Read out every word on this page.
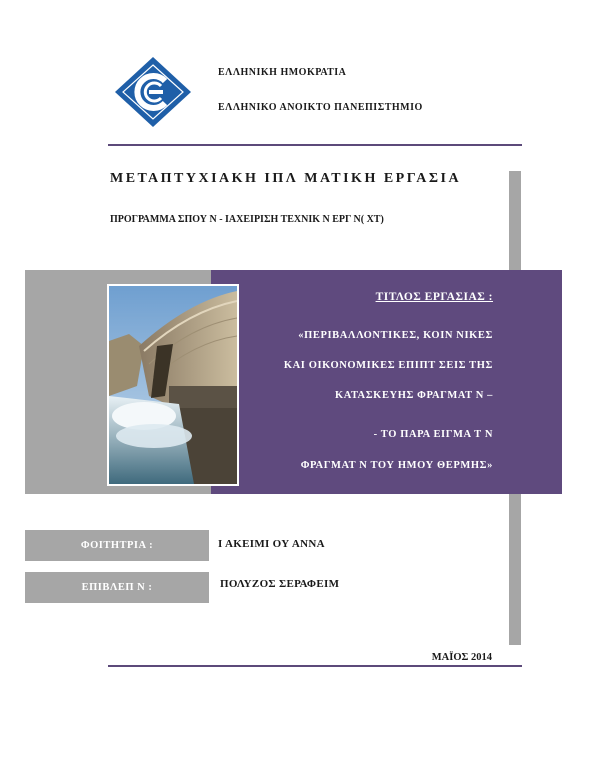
ΕΛΛΗΝΙΚΗ ΗΜΟΚΡΑΤΙΑ
ΕΛΛΗΝΙΚΟ ΑΝΟΙΚΤΟ ΠΑΝΕΠΙΣΤΗΜΙΟ
ΜΕΤΑΠΤΥΧΙΑΚΗ ΙΠΛ ΜΑΤΙΚΗ ΕΡΓΑΣΙΑ
ΠΡΟΓΡΑΜΜΑ ΣΠΟΥ Ν - ΙΑΧΕΙΡΙΣΗ ΤΕΧΝΙΚ Ν ΕΡΓ Ν( ΧΤ)
ΤΙΤΛΟΣ ΕΡΓΑΣΙΑΣ :
«ΠΕΡΙΒΑΛΛΟΝΤΙΚΕΣ, ΚΟΙΝ ΝΙΚΕΣ
ΚΑΙ ΟΙΚΟΝΟΜΙΚΕΣ ΕΠΙΠΤ ΣΕΙΣ ΤΗΣ
ΚΑΤΑΣΚΕΥΗΣ ΦΡΑΓΜΑΤ Ν –
- ΤΟ ΠΑΡΑ ΕΙΓΜΑ Τ Ν
ΦΡΑΓΜΑΤ Ν ΤΟΥ ΗΜΟΥ ΘΕΡΜΗΣ»
ΦΟΙΤΗΤΡΙΑ :	Ι ΑΚΕΙΜΙ ΟΥ ΑΝΝΑ
ΕΠΙΒΛΕΠ Ν :	ΠΟΛΥΖΟΣ ΣΕΡΑΦΕΙΜ
ΜΑΪΟΣ 2014
